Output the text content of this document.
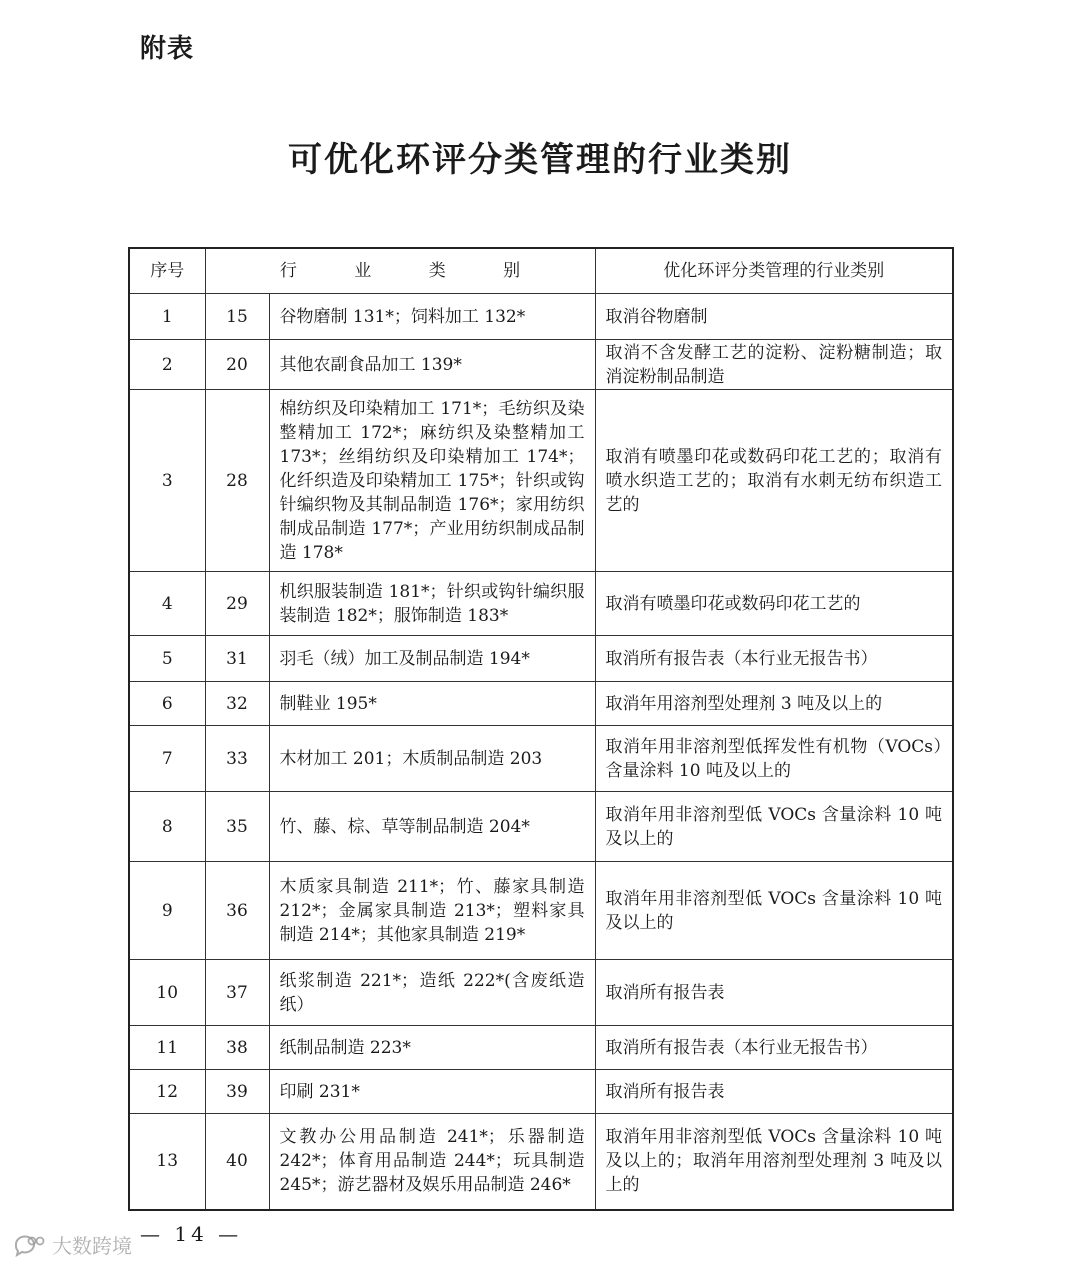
附表
可优化环评分类管理的行业类别
序号	行 业 类 别		优化环评分类管理的行业类别
1	15	谷物磨制 131*；饲料加工 132*	取消谷物磨制
2	20	其他农副食品加工 139*	取消不含发酵工艺的淀粉、淀粉糖制造；取消淀粉制品制造
3	28	棉纺织及印染精加工 171*；毛纺织及染整精加工 172*；麻纺织及染整精加工 173*；丝绢纺织及印染精加工 174*；化纤织造及印染精加工 175*；针织或钩针编织物及其制品制造 176*；家用纺织制成品制造 177*；产业用纺织制成品制造 178*	取消有喷墨印花或数码印花工艺的；取消有喷水织造工艺的；取消有水刺无纺布织造工艺的
4	29	机织服装制造 181*；针织或钩针编织服装制造 182*；服饰制造 183*	取消有喷墨印花或数码印花工艺的
5	31	羽毛（绒）加工及制品制造 194*	取消所有报告表（本行业无报告书）
6	32	制鞋业 195*	取消年用溶剂型处理剂 3 吨及以上的
7	33	木材加工 201；木质制品制造 203	取消年用非溶剂型低挥发性有机物（VOCs）含量涂料 10 吨及以上的
8	35	竹、藤、棕、草等制品制造 204*	取消年用非溶剂型低 VOCs 含量涂料 10 吨及以上的
9	36	木质家具制造 211*；竹、藤家具制造 212*；金属家具制造 213*；塑料家具制造 214*；其他家具制造 219*	取消年用非溶剂型低 VOCs 含量涂料 10 吨及以上的
10	37	纸浆制造 221*；造纸 222*(含废纸造纸）	取消所有报告表
11	38	纸制品制造 223*	取消所有报告表（本行业无报告书）
12	39	印刷 231*	取消所有报告表
13	40	文教办公用品制造 241*；乐器制造 242*；体育用品制造 244*；玩具制造 245*；游艺器材及娱乐用品制造 246*	取消年用非溶剂型低 VOCs 含量涂料 10 吨及以上的；取消年用溶剂型处理剂 3 吨及以上的
— 14 —
大数跨境
